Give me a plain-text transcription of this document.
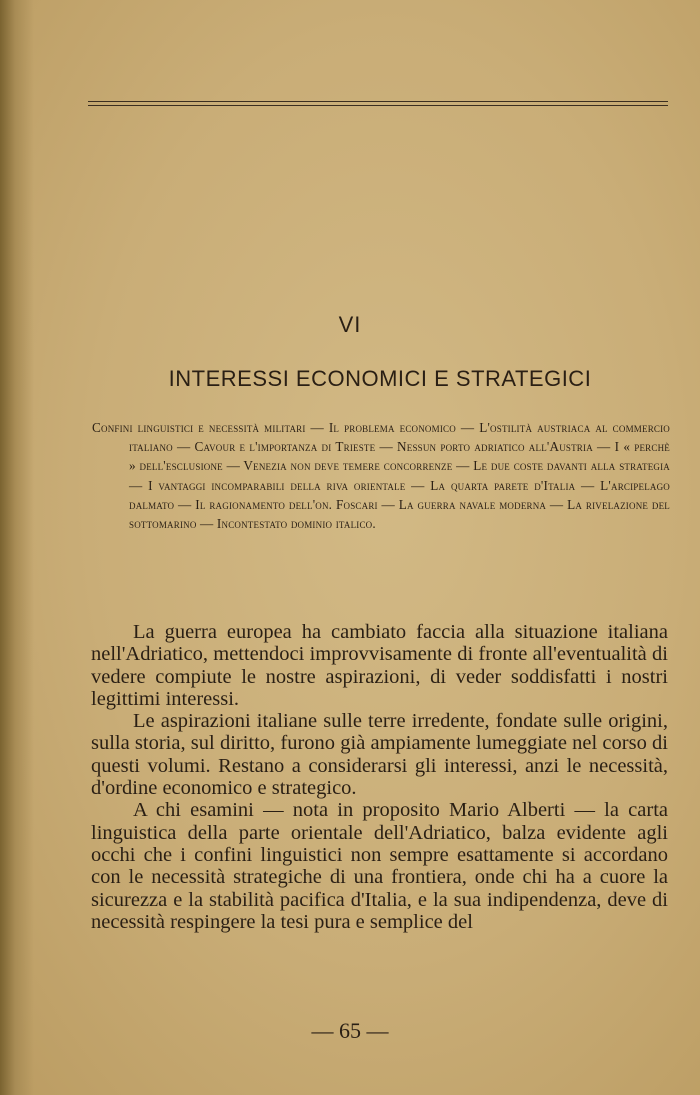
VI
INTERESSI ECONOMICI E STRATEGICI
Confini linguistici e necessità militari — Il problema economico — L'ostilità austriaca al commercio italiano — Cavour e l'importanza di Trieste — Nessun porto adriatico all'Austria — I « perchè » dell'esclusione — Venezia non deve temere concorrenze — Le due coste davanti alla strategia — I vantaggi incomparabili della riva orientale — La quarta parete d'Italia — L'arcipelago dalmato — Il ragionamento dell'on. Foscari — La guerra navale moderna — La rivelazione del sottomarino — Incontestato dominio italico.

La guerra europea ha cambiato faccia alla situazione italiana nell'Adriatico, mettendoci improvvisamente di fronte all'eventualità di vedere compiute le nostre aspirazioni, di veder soddisfatti i nostri legittimi interessi.

Le aspirazioni italiane sulle terre irredente, fondate sulle origini, sulla storia, sul diritto, furono già ampiamente lumeggiate nel corso di questi volumi. Restano a considerarsi gli interessi, anzi le necessità, d'ordine economico e strategico.

A chi esamini — nota in proposito Mario Alberti — la carta linguistica della parte orientale dell'Adriatico, balza evidente agli occhi che i confini linguistici non sempre esattamente si accordano con le necessità strategiche di una frontiera, onde chi ha a cuore la sicurezza e la stabilità pacifica d'Italia, e la sua indipendenza, deve di necessità respingere la tesi pura e semplice del

— 65 —
